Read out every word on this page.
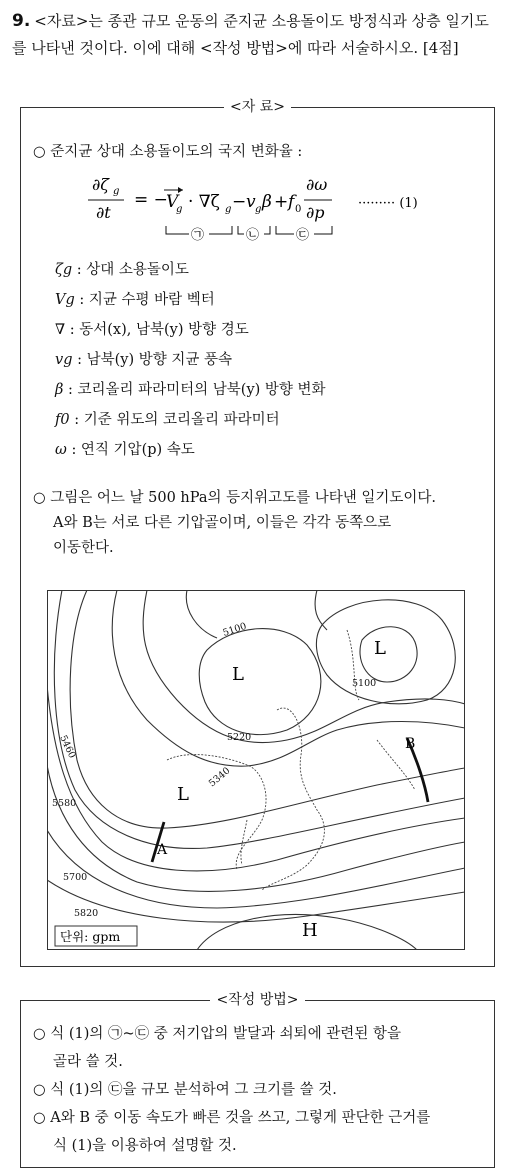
9. <자료>는 종관 규모 운동의 준지균 소용돌이도 방정식과 상층 일기도를 나타낸 것이다. 이에 대해 <작성 방법>에 따라 서술하시오. [4점]
<자 료>
○ 준지균 상대 소용돌이도의 국지 변화율 :
∂ζ g
∂t
= −
V
g · ∇ζ g − v g β + f 0
∂ω
∂p	········· (1)
㉠	㉡	㉢
ζg : 상대 소용돌이도
Vg : 지균 수평 바람 벡터
∇ : 동서(x), 남북(y) 방향 경도
vg : 남북(y) 방향 지균 풍속
β : 코리올리 파라미터의 남북(y) 방향 변화
f0 : 기준 위도의 코리올리 파라미터
ω : 연직 기압(p) 속도
○ 그림은 어느 날 500 hPa의 등지위고도를 나타낸 일기도이다.
A와 B는 서로 다른 기압골이며, 이들은 각각 동쪽으로
이동한다.
L
L
L
H
A
B
5100
5100
5220
5340
5460
5580
5700
5820
단위: gpm
<작성 방법>
○ 식 (1)의 ㉠~㉢ 중 저기압의 발달과 쇠퇴에 관련된 항을
골라 쓸 것.
○ 식 (1)의 ㉢을 규모 분석하여 그 크기를 쓸 것.
○ A와 B 중 이동 속도가 빠른 것을 쓰고, 그렇게 판단한 근거를
식 (1)을 이용하여 설명할 것.
